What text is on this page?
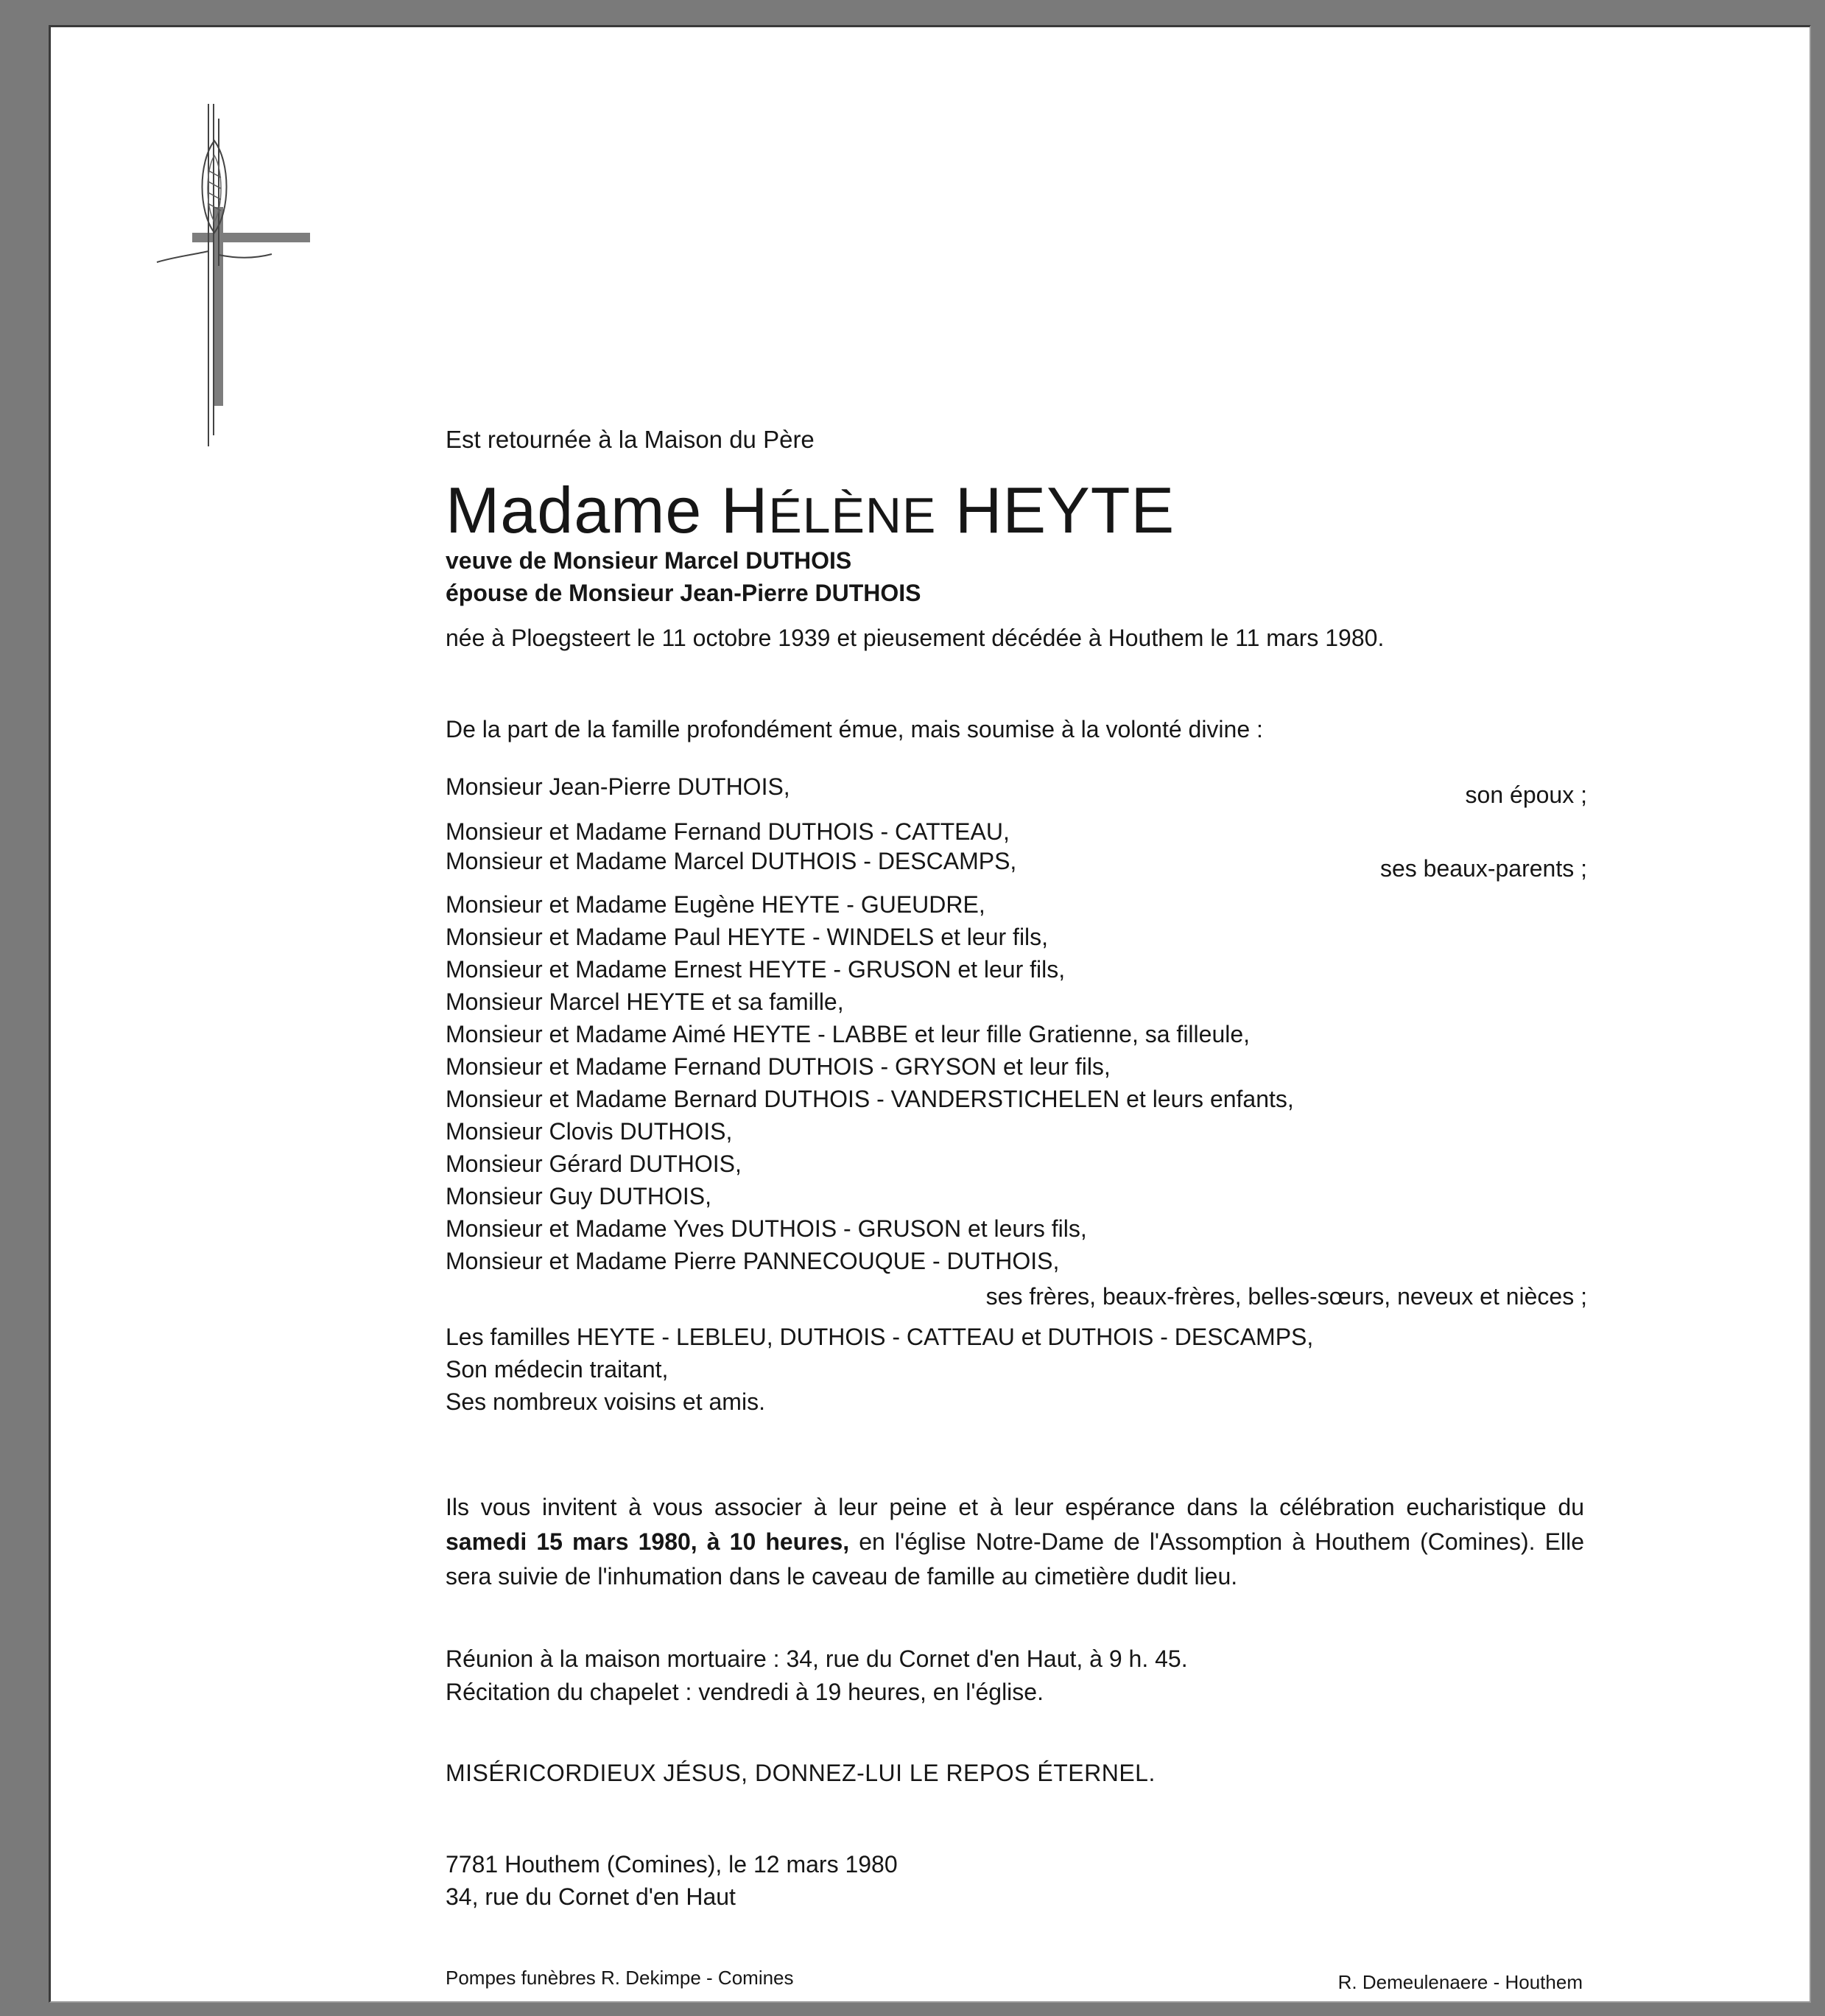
Est retournée à la Maison du Père
Madame HÉLÈNE HEYTE
veuve de Monsieur Marcel DUTHOIS
épouse de Monsieur Jean-Pierre DUTHOIS
née à Ploegsteert le 11 octobre 1939 et pieusement décédée à Houthem le 11 mars 1980.
De la part de la famille profondément émue, mais soumise à la volonté divine :
Monsieur Jean-Pierre DUTHOIS,	son époux ;
Monsieur et Madame Fernand DUTHOIS - CATTEAU,
Monsieur et Madame Marcel DUTHOIS - DESCAMPS,	ses beaux-parents ;
Monsieur et Madame Eugène HEYTE - GUEUDRE,
Monsieur et Madame Paul HEYTE - WINDELS et leur fils,
Monsieur et Madame Ernest HEYTE - GRUSON et leur fils,
Monsieur Marcel HEYTE et sa famille,
Monsieur et Madame Aimé HEYTE - LABBE et leur fille Gratienne, sa filleule,
Monsieur et Madame Fernand DUTHOIS - GRYSON et leur fils,
Monsieur et Madame Bernard DUTHOIS - VANDERSTICHELEN et leurs enfants,
Monsieur Clovis DUTHOIS,
Monsieur Gérard DUTHOIS,
Monsieur Guy DUTHOIS,
Monsieur et Madame Yves DUTHOIS - GRUSON et leurs fils,
Monsieur et Madame Pierre PANNECOUQUE - DUTHOIS,
ses frères, beaux-frères, belles-sœurs, neveux et nièces ;
Les familles HEYTE - LEBLEU, DUTHOIS - CATTEAU et DUTHOIS - DESCAMPS,
Son médecin traitant,
Ses nombreux voisins et amis.
Ils vous invitent à vous associer à leur peine et à leur espérance dans la célébration eucharistique du samedi 15 mars 1980, à 10 heures, en l'église Notre-Dame de l'Assomption à Houthem (Comines). Elle sera suivie de l'inhumation dans le caveau de famille au cimetière dudit lieu.
Réunion à la maison mortuaire : 34, rue du Cornet d'en Haut, à 9 h. 45.
Récitation du chapelet : vendredi à 19 heures, en l'église.
MISÉRICORDIEUX JÉSUS, DONNEZ-LUI LE REPOS ÉTERNEL.
7781 Houthem (Comines), le 12 mars 1980
34, rue du Cornet d'en Haut
Pompes funèbres R. Dekimpe - Comines	R. Demeulenaere - Houthem
